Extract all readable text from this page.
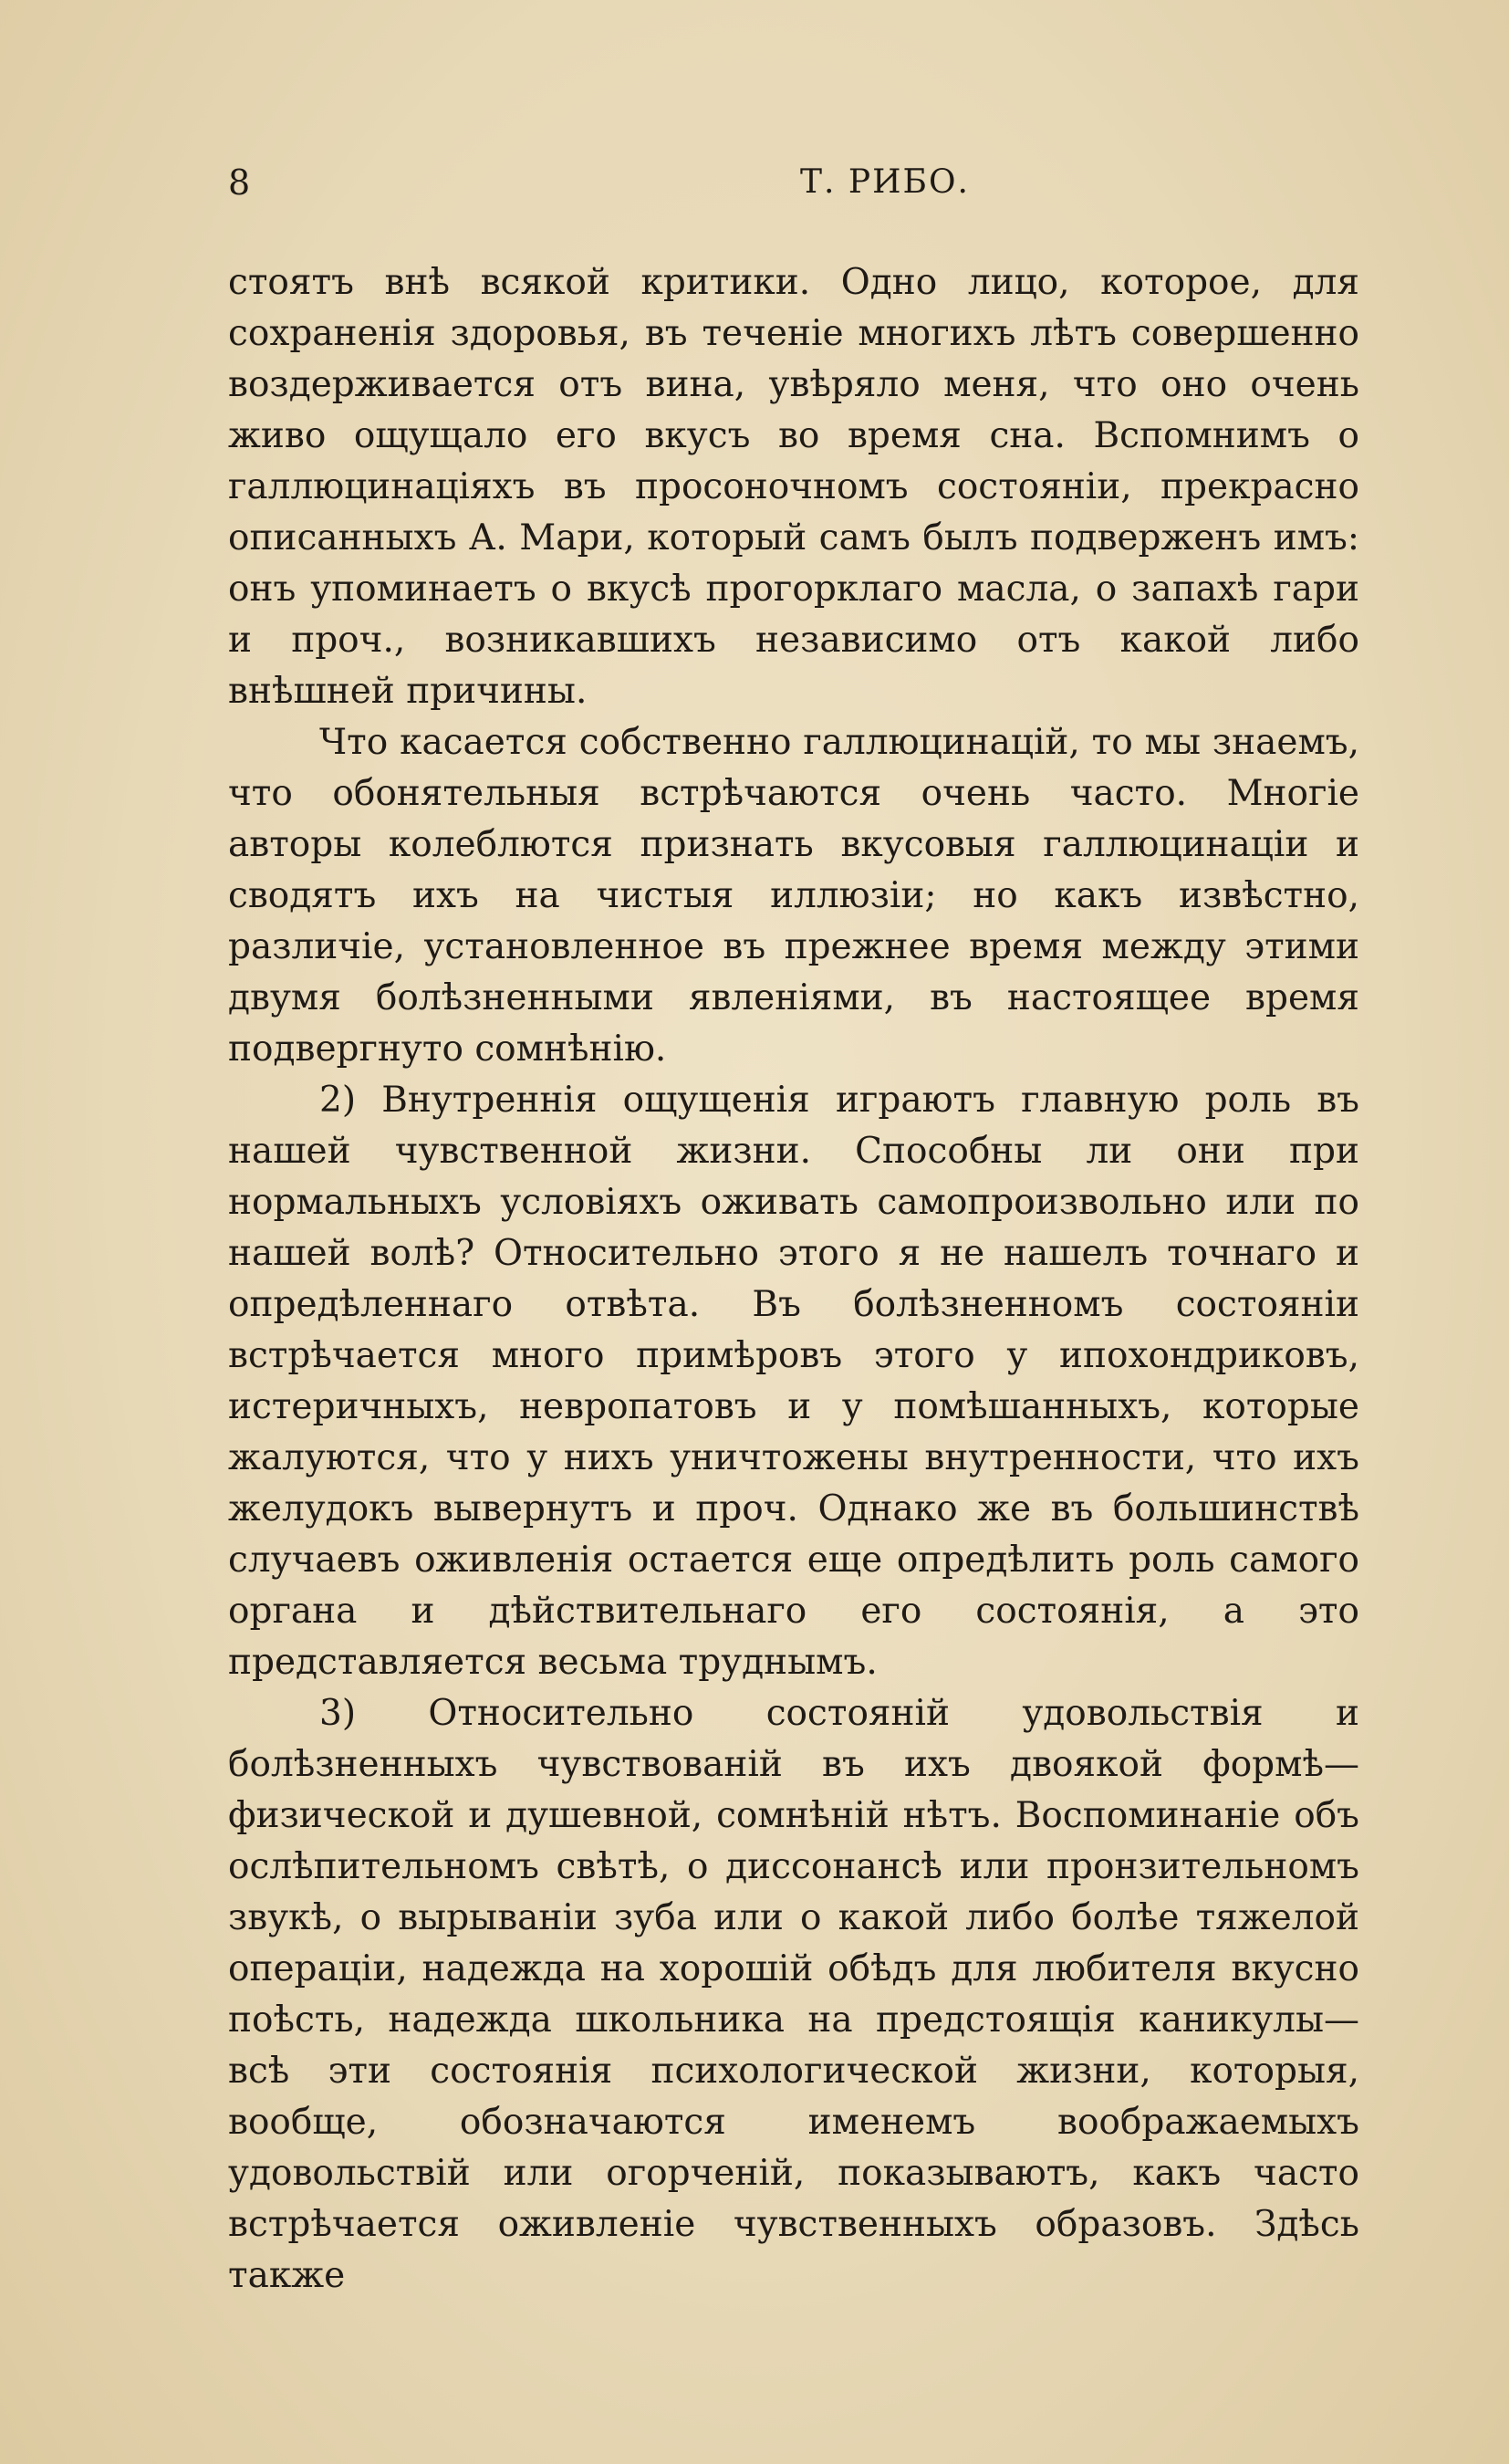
8	Т. РИБО.

стоятъ внѣ всякой критики. Одно лицо, которое, для сохраненія здоровья, въ теченіе многихъ лѣтъ совершенно воздерживается отъ вина, увѣряло меня, что оно очень живо ощущало его вкусъ во время сна. Вспомнимъ о галлюцинаціяхъ въ просоночномъ состояніи, прекрасно описанныхъ А. Мари, который самъ былъ подверженъ имъ: онъ упоминаетъ о вкусѣ прогорклаго масла, о запахѣ гари и проч., возникавшихъ независимо отъ какой либо внѣшней причины.

Что касается собственно галлюцинацій, то мы знаемъ, что обонятельныя встрѣчаются очень часто. Многіе авторы колеблются признать вкусовыя галлюцинаціи и сводятъ ихъ на чистыя иллюзіи; но какъ извѣстно, различіе, установленное въ прежнее время между этими двумя болѣзненными явленіями, въ настоящее время подвергнуто сомнѣнію.

2) Внутреннія ощущенія играютъ главную роль въ нашей чувственной жизни. Способны ли они при нормальныхъ условіяхъ оживать самопроизвольно или по нашей волѣ? Относительно этого я не нашелъ точнаго и опредѣленнаго отвѣта. Въ болѣзненномъ состояніи встрѣчается много примѣровъ этого у ипохондриковъ, истеричныхъ, невропатовъ и у помѣшанныхъ, которые жалуются, что у нихъ уничтожены внутренности, что ихъ желудокъ вывернутъ и проч. Однако же въ большинствѣ случаевъ оживленія остается еще опредѣлить роль самого органа и дѣйствительнаго его состоянія, а это представляется весьма труднымъ.

3) Относительно состояній удовольствія и болѣзненныхъ чувствованій въ ихъ двоякой формѣ—физической и душевной, сомнѣній нѣтъ. Воспоминаніе объ ослѣпительномъ свѣтѣ, о диссонансѣ или пронзительномъ звукѣ, о вырываніи зуба или о какой либо болѣе тяжелой операціи, надежда на хорошій обѣдъ для любителя вкусно поѣсть, надежда школьника на предстоящія каникулы—всѣ эти состоянія психологической жизни, которыя, вообще, обозначаются именемъ воображаемыхъ удовольствій или огорченій, показываютъ, какъ часто встрѣчается оживленіе чувственныхъ образовъ. Здѣсь также
